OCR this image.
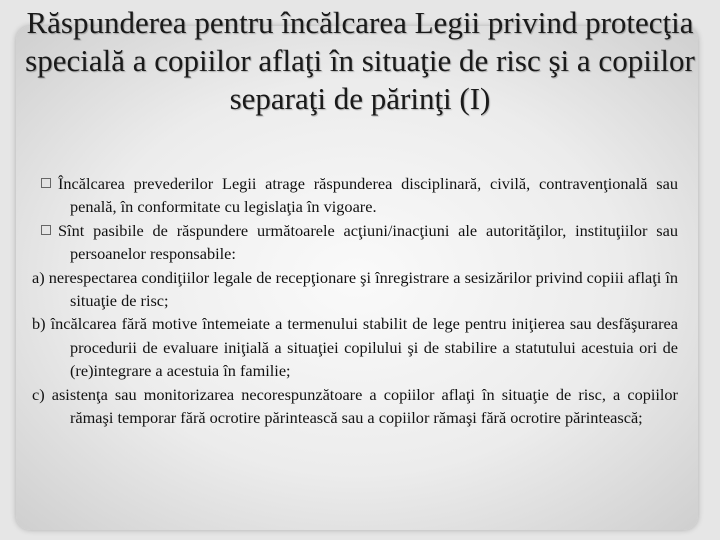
Răspunderea pentru încălcarea Legii privind protecţia specială a copiilor aflaţi în situaţie de risc şi a copiilor separaţi de părinţi (I)

Încălcarea prevederilor Legii atrage răspunderea disciplinară, civilă, contravenţională sau penală, în conformitate cu legislaţia în vigoare.

Sînt pasibile de răspundere următoarele acţiuni/inacţiuni ale autorităţilor, instituţiilor sau persoanelor responsabile:

a) nerespectarea condiţiilor legale de recepţionare şi înregistrare a sesizărilor privind copiii aflaţi în situaţie de risc;

b) încălcarea fără motive întemeiate a termenului stabilit de lege pentru iniţierea sau desfăşurarea procedurii de evaluare iniţială a situaţiei copilului şi de stabilire a statutului acestuia ori de (re)integrare a acestuia în familie;

c) asistenţa sau monitorizarea necorespunzătoare a copiilor aflaţi în situaţie de risc, a copiilor rămaşi temporar fără ocrotire părintească sau a copiilor rămaşi fără ocrotire părintească;
